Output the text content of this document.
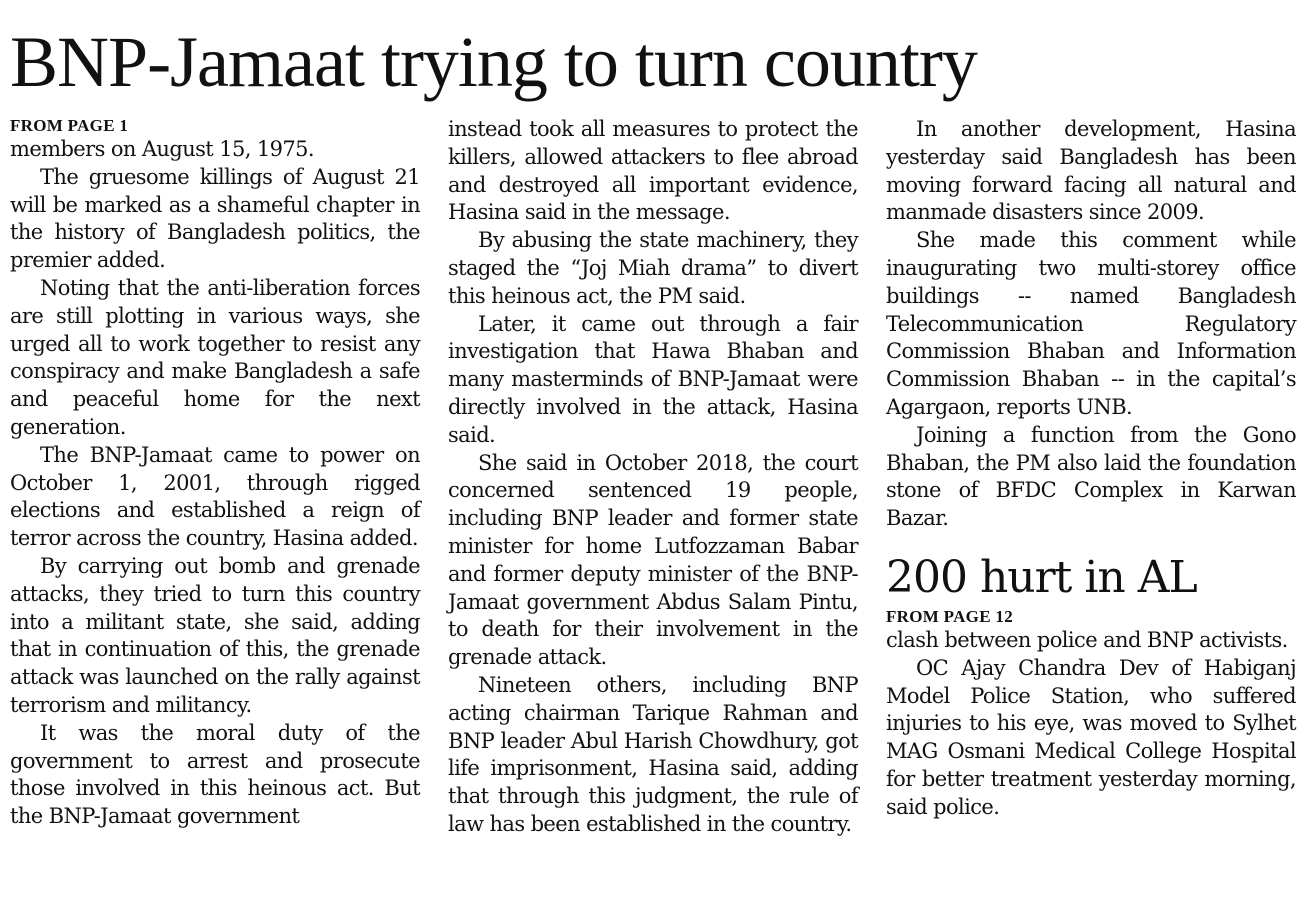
BNP-Jamaat trying to turn country
FROM PAGE 1

members on August 15, 1975.

The gruesome killings of August 21 will be marked as a shameful chapter in the history of Bangladesh politics, the premier added.

Noting that the anti-liberation forces are still plotting in various ways, she urged all to work together to resist any conspiracy and make Bangladesh a safe and peaceful home for the next generation.

The BNP-Jamaat came to power on October 1, 2001, through rigged elections and established a reign of terror across the country, Hasina added.

By carrying out bomb and grenade attacks, they tried to turn this country into a militant state, she said, adding that in continuation of this, the grenade attack was launched on the rally against terrorism and militancy.

It was the moral duty of the government to arrest and prosecute those involved in this heinous act. But the BNP-Jamaat government

instead took all measures to protect the killers, allowed attackers to flee abroad and destroyed all important evidence, Hasina said in the message.

By abusing the state machinery, they staged the “Joj Miah drama” to divert this heinous act, the PM said.

Later, it came out through a fair investigation that Hawa Bhaban and many masterminds of BNP-Jamaat were directly involved in the attack, Hasina said.

She said in October 2018, the court concerned sentenced 19 people, including BNP leader and former state minister for home Lutfozzaman Babar and former deputy minister of the BNP-Jamaat government Abdus Salam Pintu, to death for their involvement in the grenade attack.

Nineteen others, including BNP acting chairman Tarique Rahman and BNP leader Abul Harish Chowdhury, got life imprisonment, Hasina said, adding that through this judgment, the rule of law has been established in the country.

In another development, Hasina yesterday said Bangladesh has been moving forward facing all natural and manmade disasters since 2009.

She made this comment while inaugurating two multi-storey office buildings -- named Bangladesh Telecommunication Regulatory Commission Bhaban and Information Commission Bhaban -- in the capital’s Agargaon, reports UNB.

Joining a function from the Gono Bhaban, the PM also laid the foundation stone of BFDC Complex in Karwan Bazar.

200 hurt in AL
FROM PAGE 12

clash between police and BNP activists.

OC Ajay Chandra Dev of Habiganj Model Police Station, who suffered injuries to his eye, was moved to Sylhet MAG Osmani Medical College Hospital for better treatment yesterday morning, said police.
